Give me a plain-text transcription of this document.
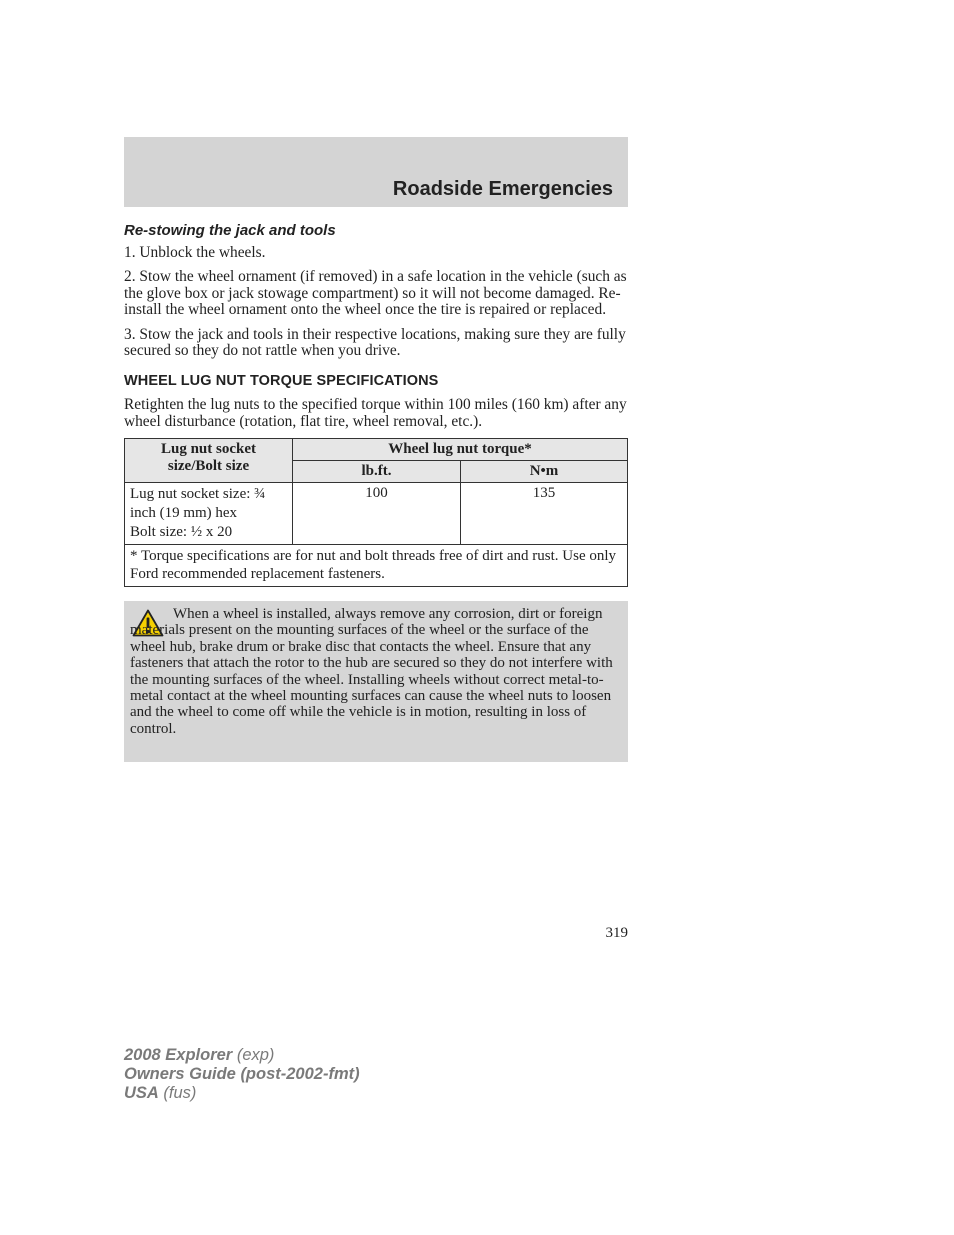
Roadside Emergencies
Re-stowing the jack and tools

1. Unblock the wheels.

2. Stow the wheel ornament (if removed) in a safe location in the vehicle (such as the glove box or jack stowage compartment) so it will not become damaged. Re-install the wheel ornament onto the wheel once the tire is repaired or replaced.

3. Stow the jack and tools in their respective locations, making sure they are fully secured so they do not rattle when you drive.

WHEEL LUG NUT TORQUE SPECIFICATIONS

Retighten the lug nuts to the specified torque within 100 miles (160 km) after any wheel disturbance (rotation, flat tire, wheel removal, etc.).

Lug nut socket
size/Bolt size	Wheel lug nut torque*	
	lb.ft.	N•m

Lug nut socket size: ¾
inch (19 mm) hex
Bolt size: ½ x 20	100	135
* Torque specifications are for nut and bolt threads free of dirt and rust. Use only Ford recommended replacement fasteners.		
When a wheel is installed, always remove any corrosion, dirt or foreign materials present on the mounting surfaces of the wheel or the surface of the wheel hub, brake drum or brake disc that contacts the wheel. Ensure that any fasteners that attach the rotor to the hub are secured so they do not interfere with the mounting surfaces of the wheel. Installing wheels without correct metal-to-metal contact at the wheel mounting surfaces can cause the wheel nuts to loosen and the wheel to come off while the vehicle is in motion, resulting in loss of control.
319
2008 Explorer (exp)
Owners Guide (post-2002-fmt)
USA (fus)
